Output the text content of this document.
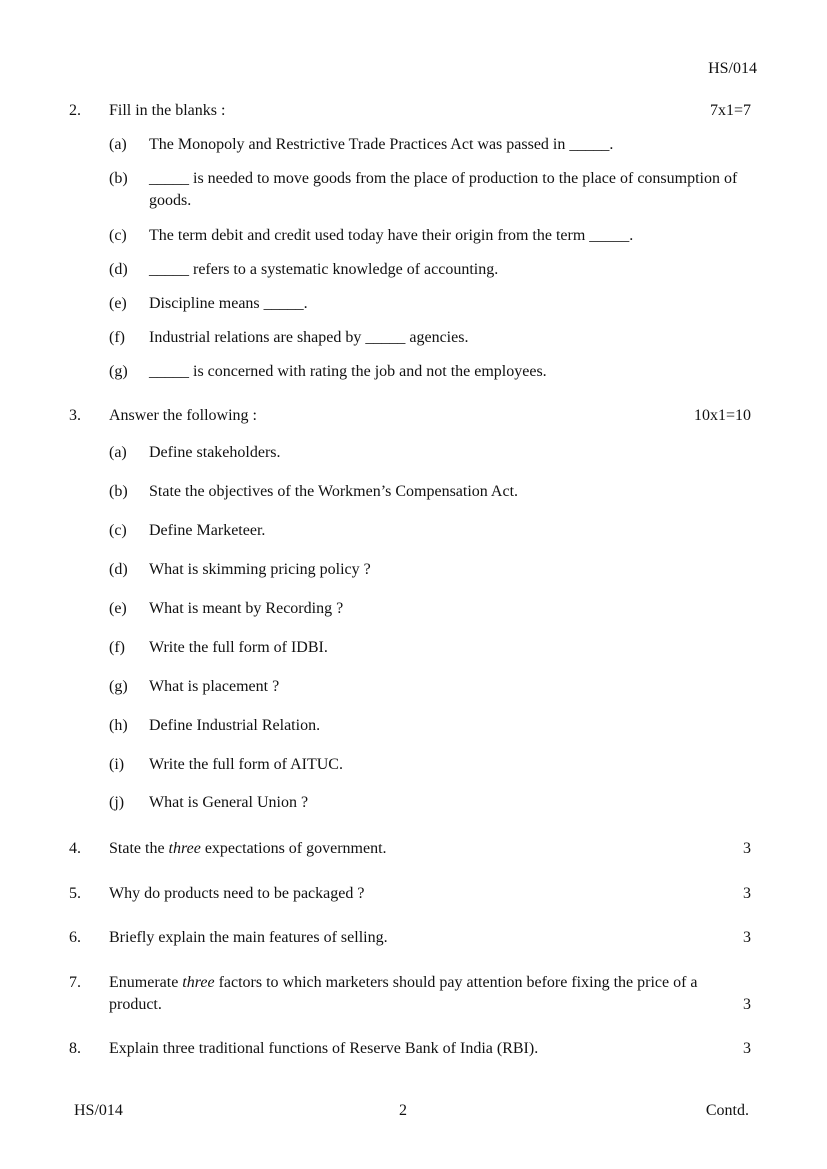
HS/014
2. Fill in the blanks :	7x1=7
(a) The Monopoly and Restrictive Trade Practices Act was passed in _____.
(b) _____ is needed to move goods from the place of production to the place of consumption of goods.
(c) The term debit and credit used today have their origin from the term _____.
(d) _____ refers to a systematic knowledge of accounting.
(e) Discipline means _____.
(f) Industrial relations are shaped by _____ agencies.
(g) _____ is concerned with rating the job and not the employees.
3. Answer the following :	10x1=10
(a) Define stakeholders.
(b) State the objectives of the Workmen’s Compensation Act.
(c) Define Marketeer.
(d) What is skimming pricing policy ?
(e) What is meant by Recording ?
(f) Write the full form of IDBI.
(g) What is placement ?
(h) Define Industrial Relation.
(i) Write the full form of AITUC.
(j) What is General Union ?
4. State the three expectations of government.	3
5. Why do products need to be packaged ?	3
6. Briefly explain the main features of selling.	3
7. Enumerate three factors to which marketers should pay attention before fixing the price of a product.	3
8. Explain three traditional functions of Reserve Bank of India (RBI).	3
HS/014	2	Contd.
